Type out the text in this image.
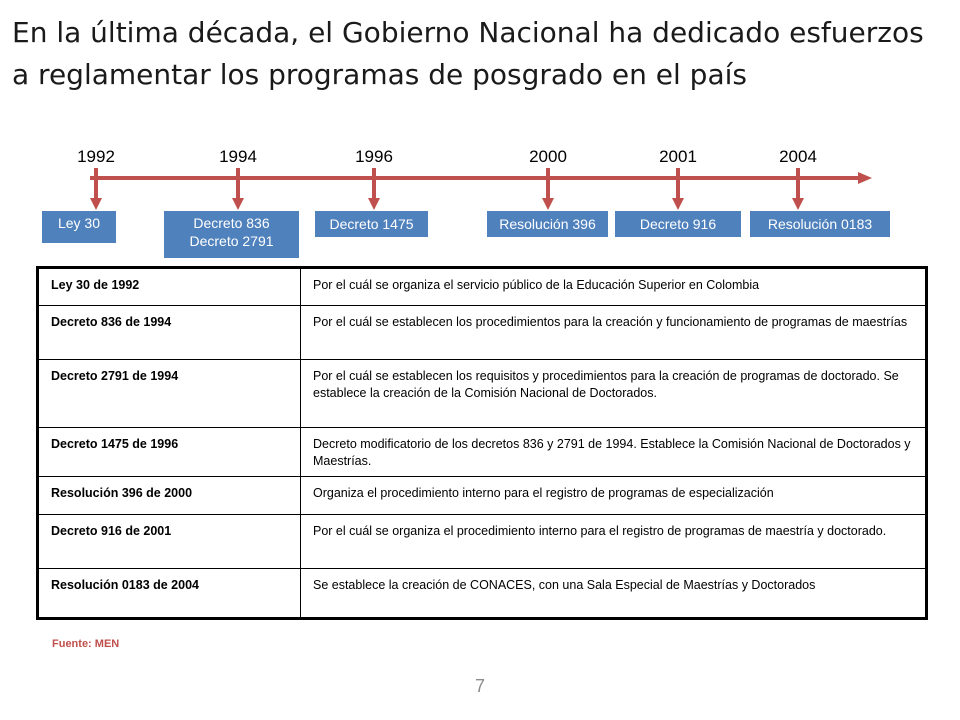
En la última década, el Gobierno Nacional ha dedicado esfuerzos a reglamentar los programas de posgrado en el país
1992	1994	1996	2000	2001	2004
Ley 30	Decreto 836
Decreto 2791
Decreto 1475	Resolución 396	Decreto 916	Resolución 0183
Ley 30 de 1992	Por el cuál se organiza el servicio público de la Educación Superior en Colombia
Decreto 836 de 1994	Por el cuál se establecen los procedimientos para la creación y funcionamiento de programas de maestrías
Decreto 2791 de 1994	Por el cuál se establecen los requisitos y procedimientos para la creación de programas de doctorado. Se establece la creación de la Comisión Nacional de Doctorados.
Decreto 1475 de 1996	Decreto modificatorio de los decretos 836 y 2791 de 1994. Establece la Comisión Nacional de Doctorados y Maestrías.
Resolución 396 de 2000	Organiza el procedimiento interno para el registro de programas de especialización
Decreto 916 de 2001	Por el cuál se organiza el procedimiento interno para el registro de programas de maestría y doctorado.
Resolución 0183 de 2004	Se establece la creación de CONACES, con una Sala Especial de Maestrías y Doctorados
Fuente: MEN
7
